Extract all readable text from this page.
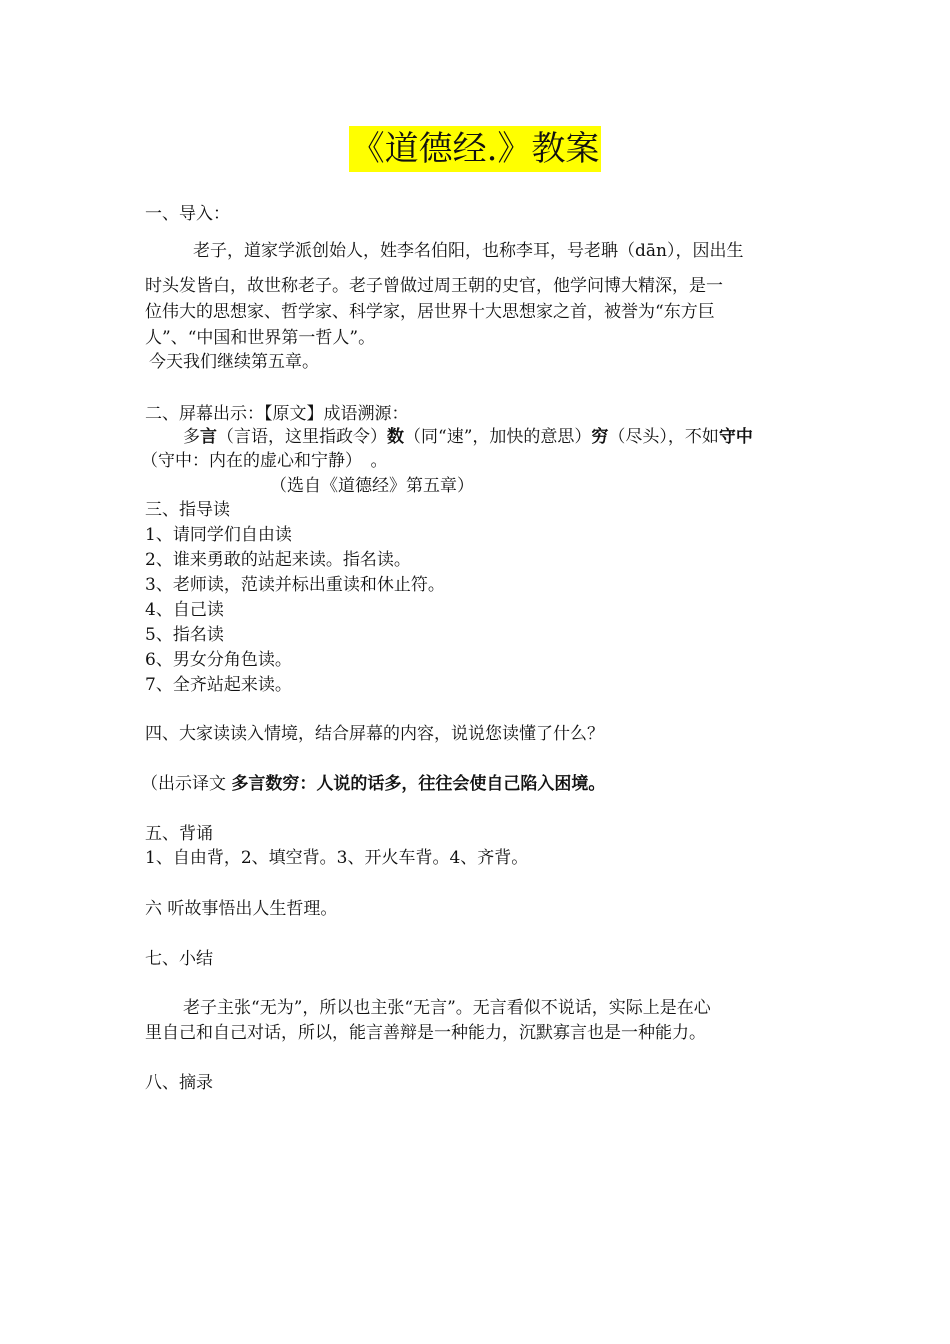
《道德经.》教案
一、导入：
老子，道家学派创始人，姓李名伯阳，也称李耳，号老聃（dān），因出生
时头发皆白，故世称老子。老子曾做过周王朝的史官，他学问博大精深，是一
位伟大的思想家、哲学家、科学家，居世界十大思想家之首，被誉为“东方巨
人”、“中国和世界第一哲人”。
今天我们继续第五章。
二、屏幕出示：【原文】成语溯源：
多言（言语，这里指政令）数（同“速”，加快的意思）穷（尽头），不如守中
（守中：内在的虚心和宁静）　。
（选自《道德经》第五章）
三、指导读
1、请同学们自由读
2、谁来勇敢的站起来读。指名读。
3、老师读，范读并标出重读和休止符。
4、自己读
5、指名读
6、男女分角色读。
7、全齐站起来读。
四、大家读读入情境，结合屏幕的内容，说说您读懂了什么？
（出示译文 多言数穷：人说的话多，往往会使自己陷入困境。
五、背诵
1、自由背，2、填空背。3、开火车背。4、齐背。
六 听故事悟出人生哲理。
七、小结
老子主张“无为”，所以也主张“无言”。无言看似不说话，实际上是在心
里自己和自己对话，所以，能言善辩是一种能力，沉默寡言也是一种能力。
八、摘录
